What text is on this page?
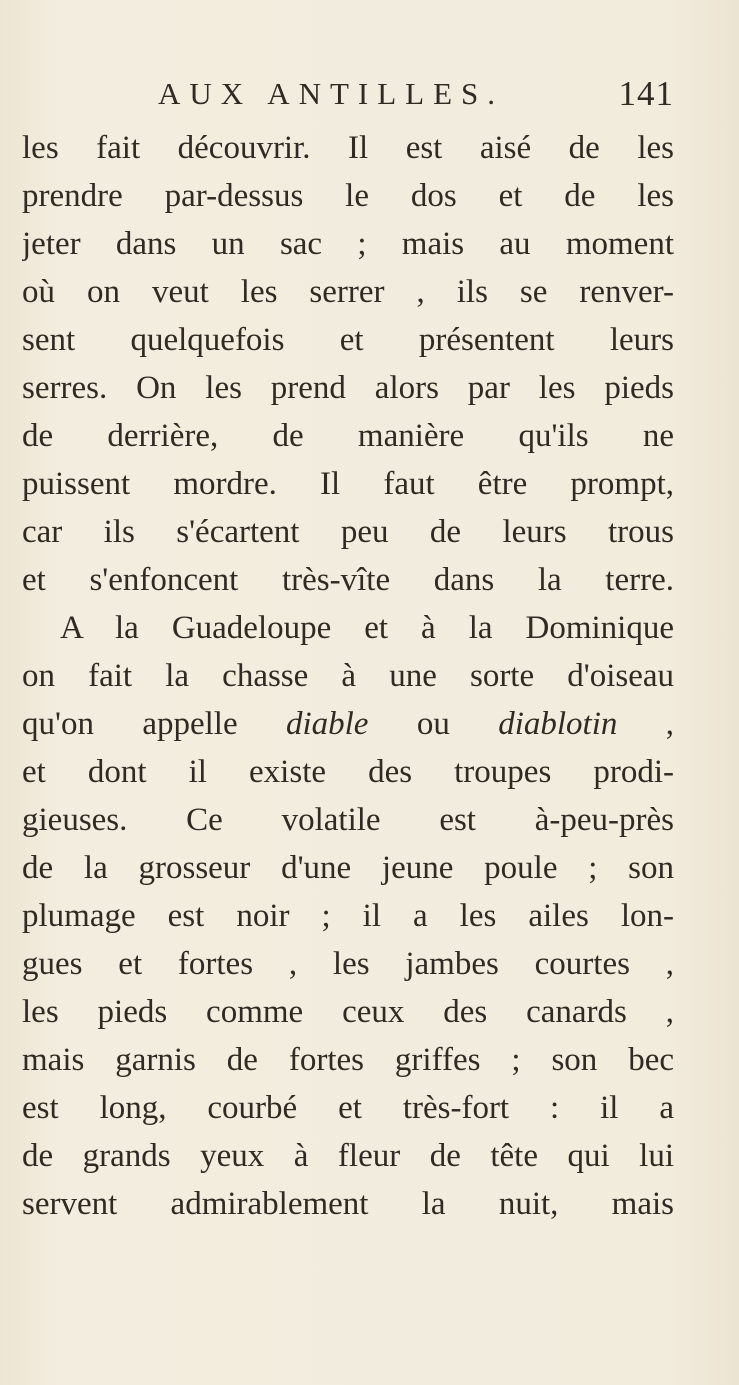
AUX ANTILLES.	141
les fait découvrir. Il est aisé de les
prendre par-dessus le dos et de les
jeter dans un sac ; mais au moment
où on veut les serrer , ils se renver-
sent quelquefois et présentent leurs
serres. On les prend alors par les pieds
de derrière, de manière qu'ils ne
puissent mordre. Il faut être prompt,
car ils s'écartent peu de leurs trous
et s'enfoncent très-vîte dans la terre.
A la Guadeloupe et à la Dominique
on fait la chasse à une sorte d'oiseau
qu'on appelle diable ou diablotin ,
et dont il existe des troupes prodi-
gieuses. Ce volatile est à-peu-près
de la grosseur d'une jeune poule ; son
plumage est noir ; il a les ailes lon-
gues et fortes , les jambes courtes ,
les pieds comme ceux des canards ,
mais garnis de fortes griffes ; son bec
est long, courbé et très-fort : il a
de grands yeux à fleur de tête qui lui
servent admirablement la nuit, mais
